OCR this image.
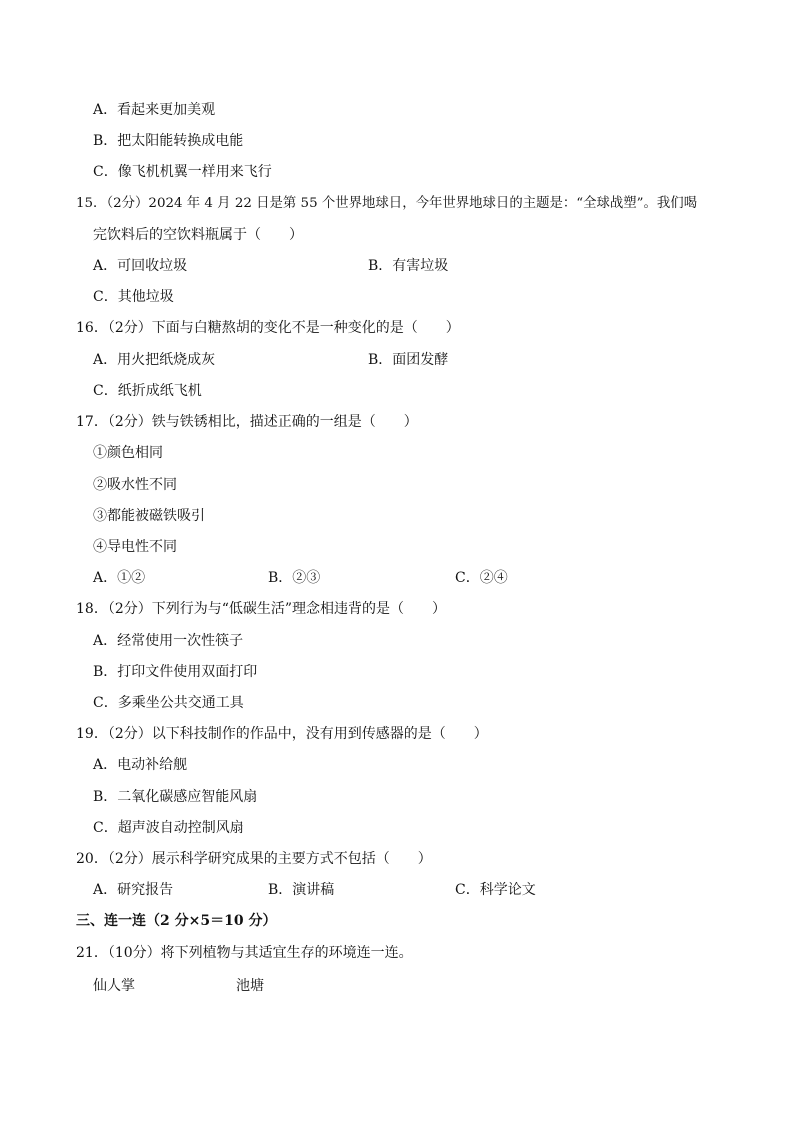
A．看起来更加美观
B．把太阳能转换成电能
C．像飞机机翼一样用来飞行
15．（2分）2024 年 4 月 22 日是第 55 个世界地球日，今年世界地球日的主题是：“全球战塑”。我们喝
完饮料后的空饮料瓶属于（　　）
A．可回收垃圾	B．有害垃圾
C．其他垃圾
16．（2分）下面与白糖熬胡的变化不是一种变化的是（　　）
A．用火把纸烧成灰	B．面团发酵
C．纸折成纸飞机
17．（2分）铁与铁锈相比，描述正确的一组是（　　）
①颜色相同
②吸水性不同
③都能被磁铁吸引
④导电性不同
A．①②	B．②③	C．②④
18．（2分）下列行为与“低碳生活”理念相违背的是（　　）
A．经常使用一次性筷子
B．打印文件使用双面打印
C．多乘坐公共交通工具
19．（2分）以下科技制作的作品中，没有用到传感器的是（　　）
A．电动补给舰
B．二氧化碳感应智能风扇
C．超声波自动控制风扇
20．（2分）展示科学研究成果的主要方式不包括（　　）
A．研究报告	B．演讲稿	C．科学论文
三、连一连（2 分×5＝10 分）
21．（10分）将下列植物与其适宜生存的环境连一连。
仙人掌	池塘
